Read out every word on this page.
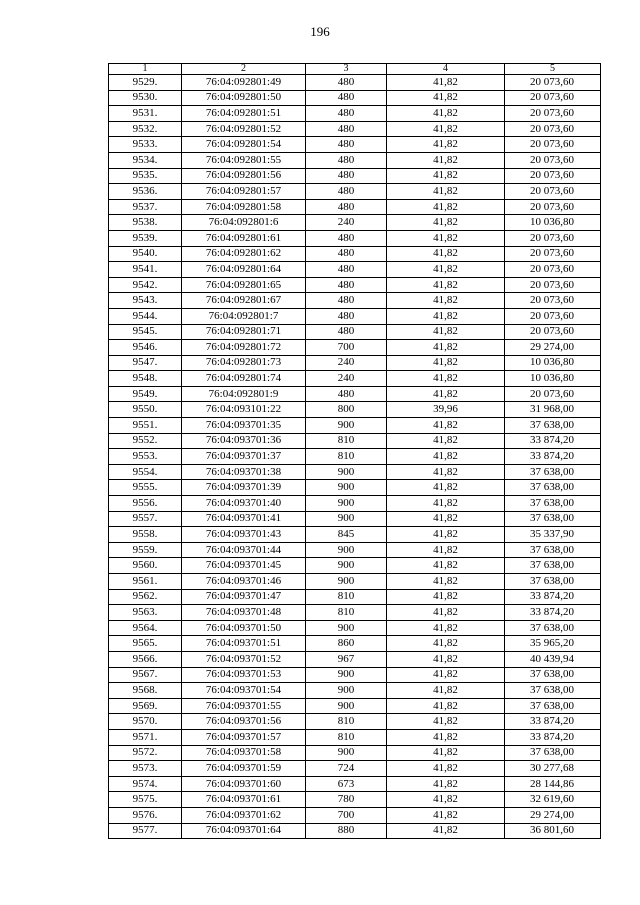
196
1	2	3	4	5
9529.	76:04:092801:49	480	41,82	20 073,60
9530.	76:04:092801:50	480	41,82	20 073,60
9531.	76:04:092801:51	480	41,82	20 073,60
9532.	76:04:092801:52	480	41,82	20 073,60
9533.	76:04:092801:54	480	41,82	20 073,60
9534.	76:04:092801:55	480	41,82	20 073,60
9535.	76:04:092801:56	480	41,82	20 073,60
9536.	76:04:092801:57	480	41,82	20 073,60
9537.	76:04:092801:58	480	41,82	20 073,60
9538.	76:04:092801:6	240	41,82	10 036,80
9539.	76:04:092801:61	480	41,82	20 073,60
9540.	76:04:092801:62	480	41,82	20 073,60
9541.	76:04:092801:64	480	41,82	20 073,60
9542.	76:04:092801:65	480	41,82	20 073,60
9543.	76:04:092801:67	480	41,82	20 073,60
9544.	76:04:092801:7	480	41,82	20 073,60
9545.	76:04:092801:71	480	41,82	20 073,60
9546.	76:04:092801:72	700	41,82	29 274,00
9547.	76:04:092801:73	240	41,82	10 036,80
9548.	76:04:092801:74	240	41,82	10 036,80
9549.	76:04:092801:9	480	41,82	20 073,60
9550.	76:04:093101:22	800	39,96	31 968,00
9551.	76:04:093701:35	900	41,82	37 638,00
9552.	76:04:093701:36	810	41,82	33 874,20
9553.	76:04:093701:37	810	41,82	33 874,20
9554.	76:04:093701:38	900	41,82	37 638,00
9555.	76:04:093701:39	900	41,82	37 638,00
9556.	76:04:093701:40	900	41,82	37 638,00
9557.	76:04:093701:41	900	41,82	37 638,00
9558.	76:04:093701:43	845	41,82	35 337,90
9559.	76:04:093701:44	900	41,82	37 638,00
9560.	76:04:093701:45	900	41,82	37 638,00
9561.	76:04:093701:46	900	41,82	37 638,00
9562.	76:04:093701:47	810	41,82	33 874,20
9563.	76:04:093701:48	810	41,82	33 874,20
9564.	76:04:093701:50	900	41,82	37 638,00
9565.	76:04:093701:51	860	41,82	35 965,20
9566.	76:04:093701:52	967	41,82	40 439,94
9567.	76:04:093701:53	900	41,82	37 638,00
9568.	76:04:093701:54	900	41,82	37 638,00
9569.	76:04:093701:55	900	41,82	37 638,00
9570.	76:04:093701:56	810	41,82	33 874,20
9571.	76:04:093701:57	810	41,82	33 874,20
9572.	76:04:093701:58	900	41,82	37 638,00
9573.	76:04:093701:59	724	41,82	30 277,68
9574.	76:04:093701:60	673	41,82	28 144,86
9575.	76:04:093701:61	780	41,82	32 619,60
9576.	76:04:093701:62	700	41,82	29 274,00
9577.	76:04:093701:64	880	41,82	36 801,60
